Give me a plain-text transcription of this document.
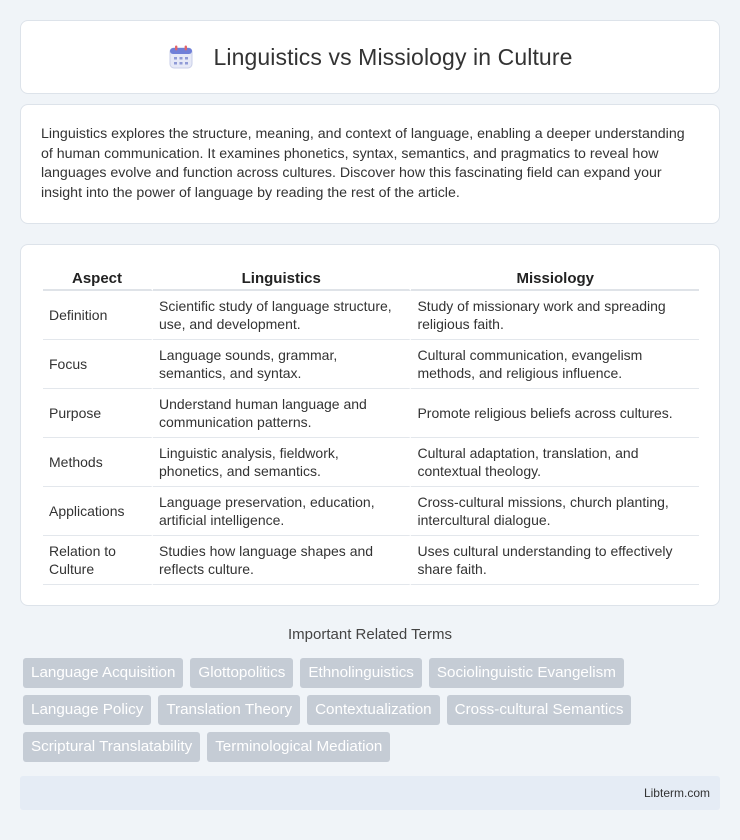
Linguistics vs Missiology in Culture

Linguistics explores the structure, meaning, and context of language, enabling a deeper understanding of human communication. It examines phonetics, syntax, semantics, and pragmatics to reveal how languages evolve and function across cultures. Discover how this fascinating field can expand your insight into the power of language by reading the rest of the article.

Aspect	Linguistics	Missiology
Definition	Scientific study of language structure, use, and development.	Study of missionary work and spreading religious faith.
Focus	Language sounds, grammar, semantics, and syntax.	Cultural communication, evangelism methods, and religious influence.
Purpose	Understand human language and communication patterns.	Promote religious beliefs across cultures.
Methods	Linguistic analysis, fieldwork, phonetics, and semantics.	Cultural adaptation, translation, and contextual theology.
Applications	Language preservation, education, artificial intelligence.	Cross-cultural missions, church planting, intercultural dialogue.
Relation to Culture	Studies how language shapes and reflects culture.	Uses cultural understanding to effectively share faith.
Important Related Terms
Language Acquisition Glottopolitics Ethnolinguistics Sociolinguistic Evangelism
Language Policy Translation Theory Contextualization Cross-cultural Semantics
Scriptural Translatability Terminological Mediation
Libterm.com
